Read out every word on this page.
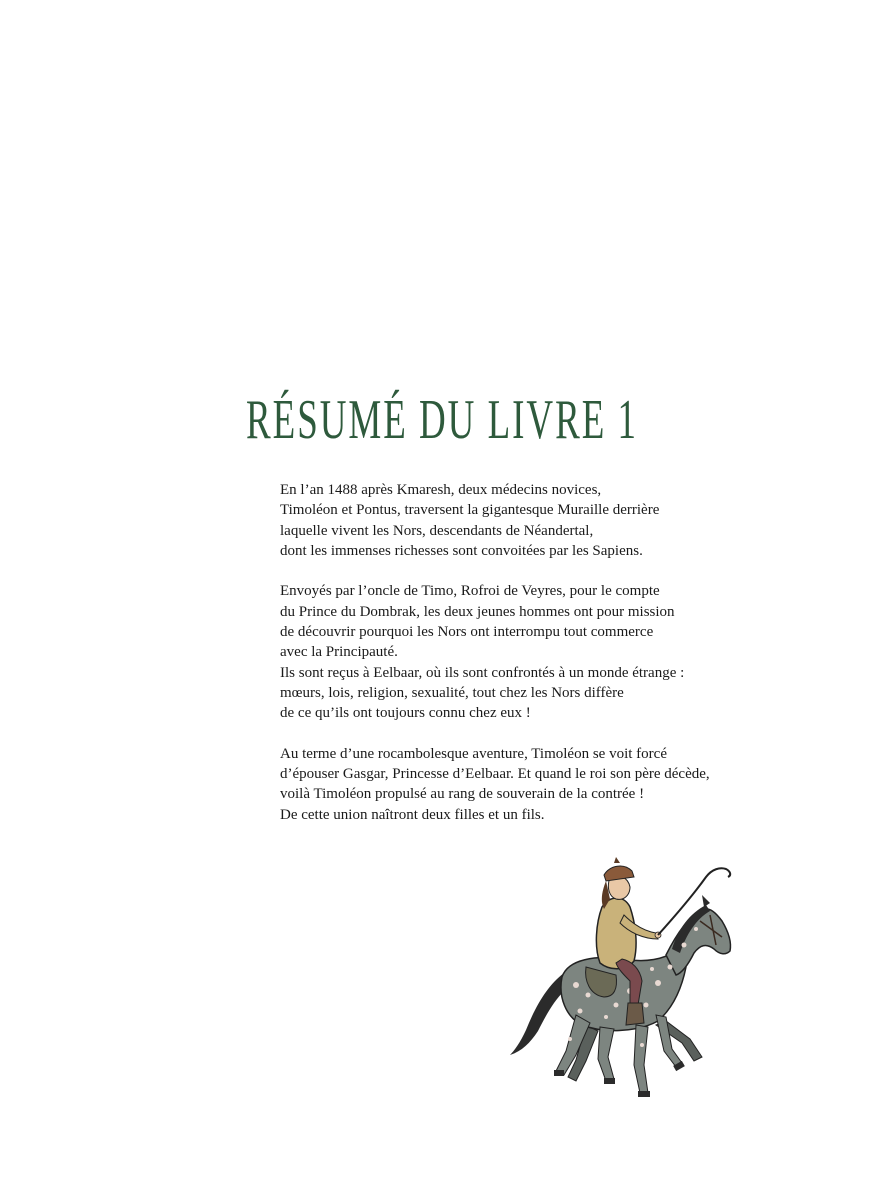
RÉSUMÉ DU LIVRE 1

En l’an 1488 après Kmaresh, deux médecins novices,
Timoléon et Pontus, traversent la gigantesque Muraille derrière
laquelle vivent les Nors, descendants de Néandertal,
dont les immenses richesses sont convoitées par les Sapiens.

Envoyés par l’oncle de Timo, Rofroi de Veyres, pour le compte
du Prince du Dombrak, les deux jeunes hommes ont pour mission
de découvrir pourquoi les Nors ont interrompu tout commerce
avec la Principauté.
Ils sont reçus à Eelbaar, où ils sont confrontés à un monde étrange :
mœurs, lois, religion, sexualité, tout chez les Nors diffère
de ce qu’ils ont toujours connu chez eux !

Au terme d’une rocambolesque aventure, Timoléon se voit forcé
d’épouser Gasgar, Princesse d’Eelbaar. Et quand le roi son père décède,
voilà Timoléon propulsé au rang de souverain de la contrée !
De cette union naîtront deux filles et un fils.
